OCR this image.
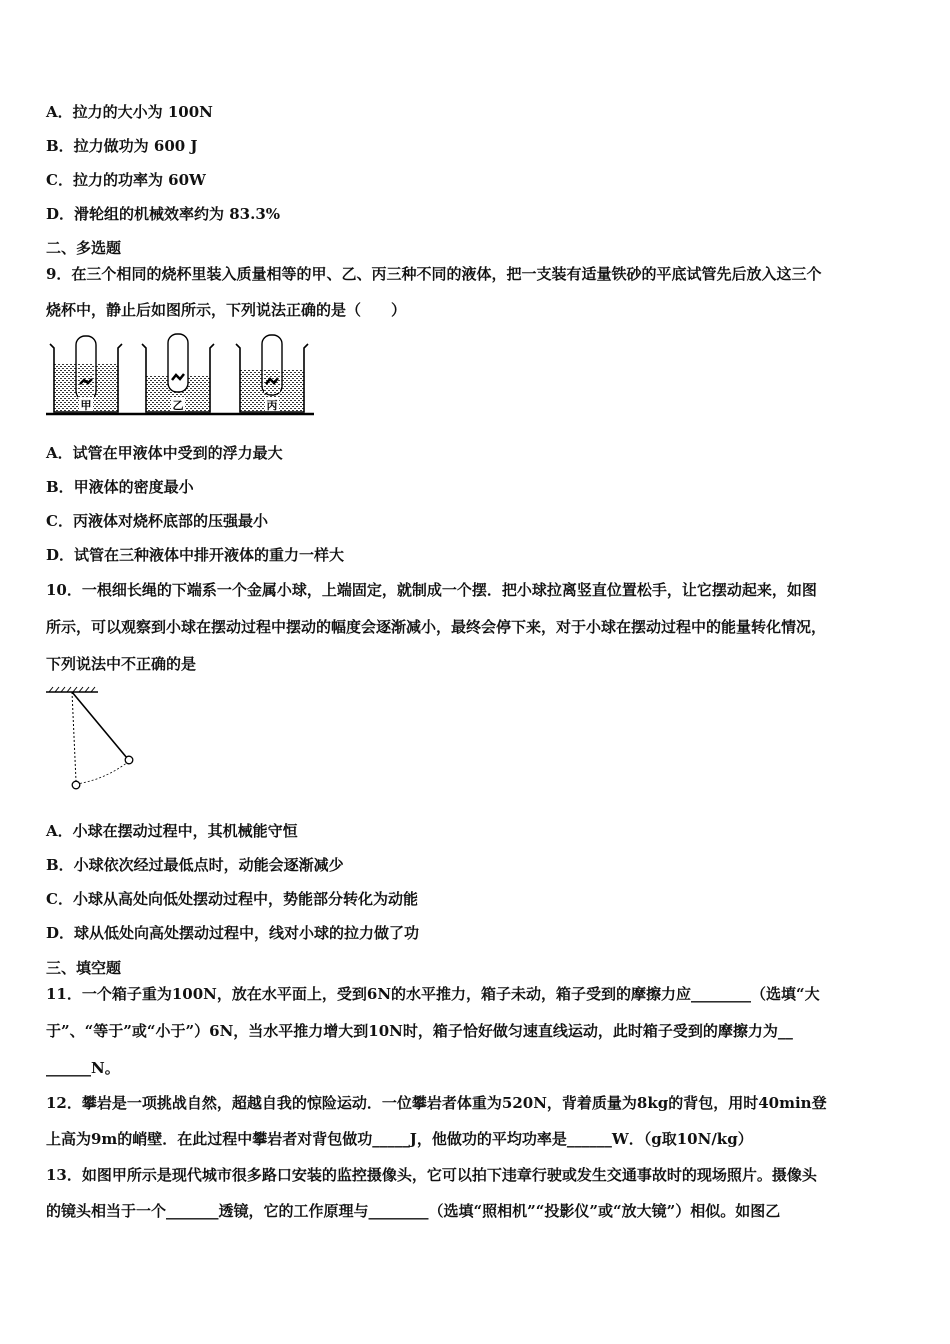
A．拉力的大小为 100N
B．拉力做功为 600 J
C．拉力的功率为 60W
D．滑轮组的机械效率约为 83.3%
二、多选题
9．在三个相同的烧杯里装入质量相等的甲、乙、丙三种不同的液体，把一支装有适量铁砂的平底试管先后放入这三个
烧杯中，静止后如图所示，下列说法正确的是（　　）
甲	乙	丙
A．试管在甲液体中受到的浮力最大
B．甲液体的密度最小
C．丙液体对烧杯底部的压强最小
D．试管在三种液体中排开液体的重力一样大
10．一根细长绳的下端系一个金属小球，上端固定，就制成一个摆．把小球拉离竖直位置松手，让它摆动起来，如图
所示，可以观察到小球在摆动过程中摆动的幅度会逐渐减小，最终会停下来，对于小球在摆动过程中的能量转化情况，
下列说法中不正确的是
A．小球在摆动过程中，其机械能守恒
B．小球依次经过最低点时，动能会逐渐减少
C．小球从高处向低处摆动过程中，势能部分转化为动能
D．球从低处向高处摆动过程中，线对小球的拉力做了功
三、填空题
11．一个箱子重为100N，放在水平面上，受到6N的水平推力，箱子未动，箱子受到的摩擦力应________（选填“大
于”、“等于”或“小于”）6N，当水平推力增大到10N时，箱子恰好做匀速直线运动，此时箱子受到的摩擦力为__
______N。
12．攀岩是一项挑战自然，超越自我的惊险运动．一位攀岩者体重为520N，背着质量为8kg的背包，用时40min登
上高为9m的峭壁．在此过程中攀岩者对背包做功_____J，他做功的平均功率是______W．（g取10N/kg）
13．如图甲所示是现代城市很多路口安装的监控摄像头，它可以拍下违章行驶或发生交通事故时的现场照片。摄像头
的镜头相当于一个_______透镜，它的工作原理与________（选填“照相机”“投影仪”或“放大镜”）相似。如图乙
